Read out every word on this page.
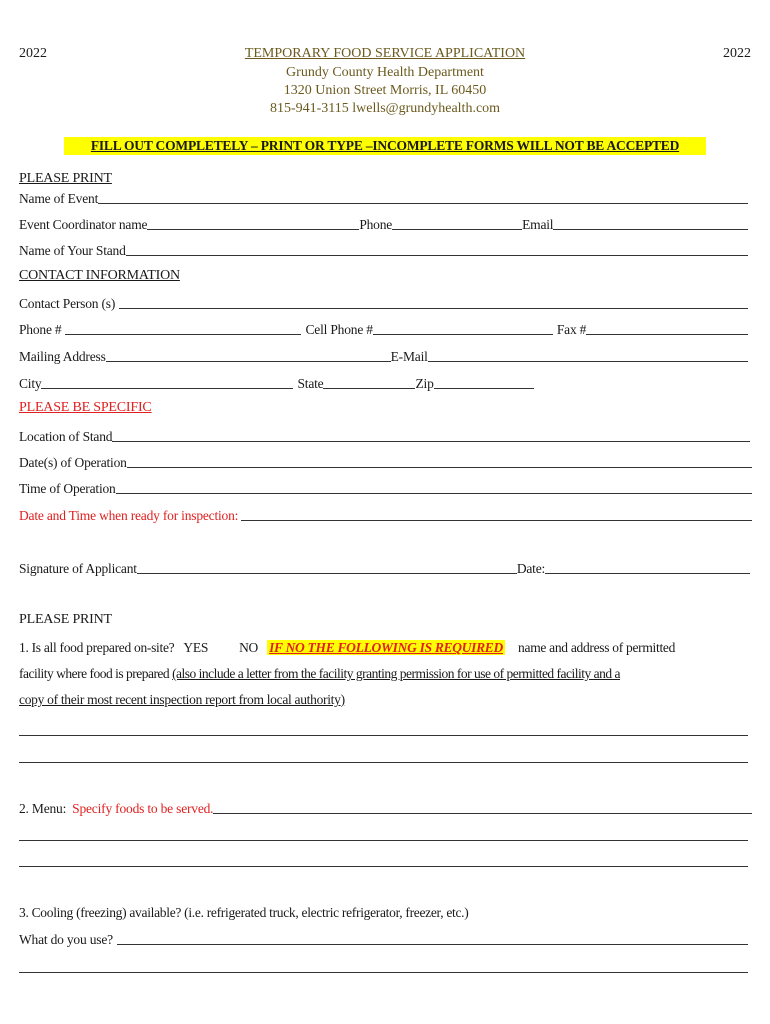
2022	2022
TEMPORARY FOOD SERVICE APPLICATION
Grundy County Health Department
1320 Union Street Morris, IL 60450
815-941-3115 lwells@grundyhealth.com
FILL OUT COMPLETELY – PRINT OR TYPE –INCOMPLETE FORMS WILL NOT BE ACCEPTED
PLEASE PRINT
Name of Event
Event Coordinator name	Phone	Email
Name of Your Stand
CONTACT INFORMATION
Contact Person (s)
Phone #	Cell Phone #	Fax #
Mailing Address	E-Mail
City	State	Zip
PLEASE BE SPECIFIC
Location of Stand
Date(s) of Operation
Time of Operation
Date and Time when ready for inspection:
Signature of Applicant	Date:
PLEASE PRINT
1. Is all food prepared on-site? YES NO IF NO THE FOLLOWING IS REQUIRED name and address of permitted
facility where food is prepared (also include a letter from the facility granting permission for use of permitted facility and a
copy of their most recent inspection report from local authority)
2. Menu: Specify foods to be served.
3. Cooling (freezing) available? (i.e. refrigerated truck, electric refrigerator, freezer, etc.)
What do you use?
